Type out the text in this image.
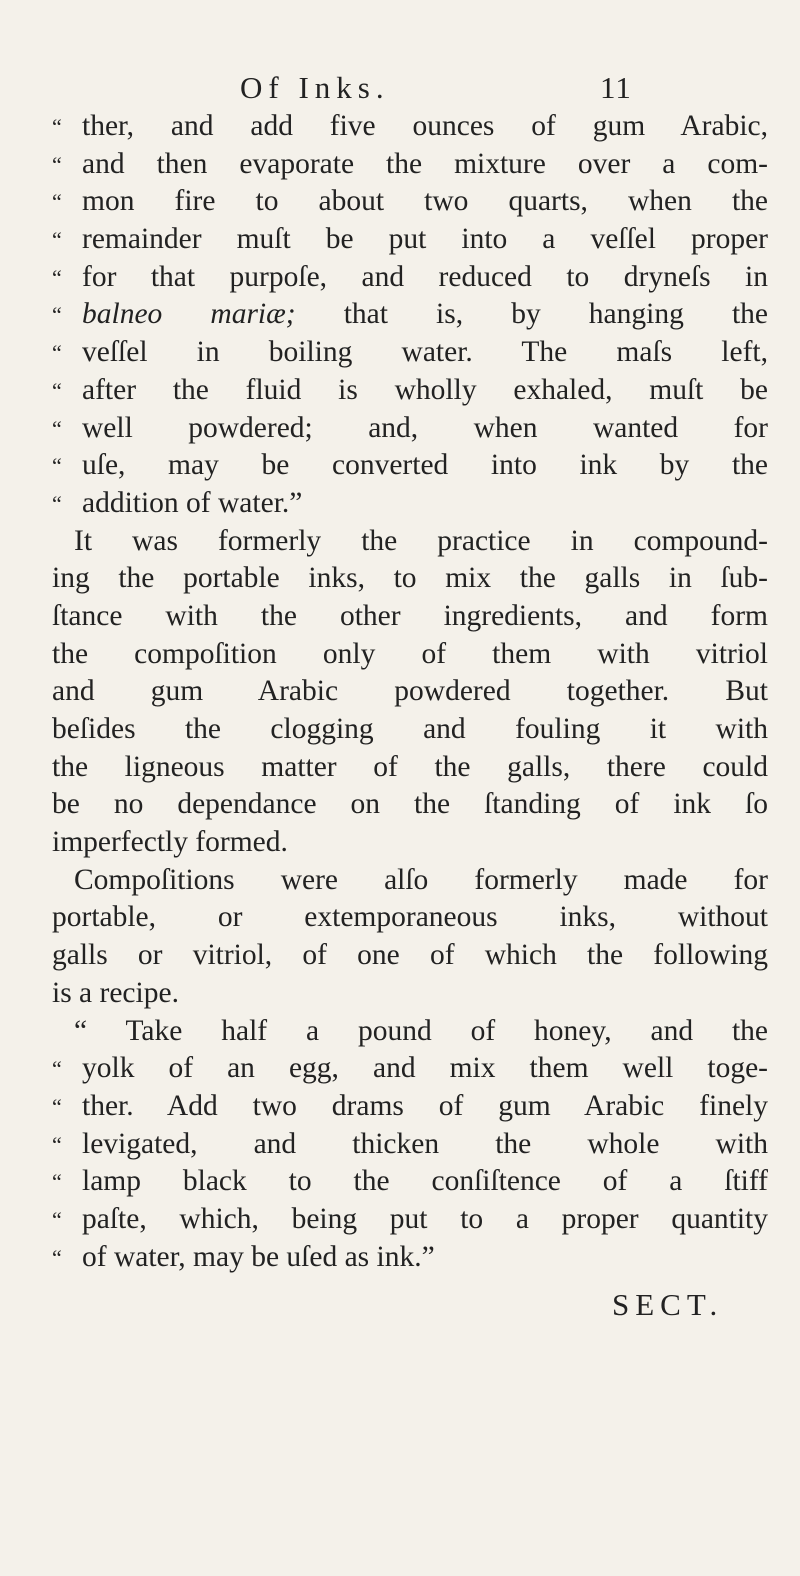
Of Inks.	11
“ ther, and add five ounces of gum Arabic,
“ and then evaporate the mixture over a com-
“ mon fire to about two quarts, when the
“ remainder muſt be put into a veſſel proper
“ for that purpoſe, and reduced to dryneſs in
“ balneo mariæ; that is, by hanging the
“ veſſel in boiling water. The maſs left,
“ after the fluid is wholly exhaled, muſt be
“ well powdered; and, when wanted for
“ uſe, may be converted into ink by the
“ addition of water.”
It was formerly the practice in compound-
ing the portable inks, to mix the galls in ſub-
ſtance with the other ingredients, and form
the compoſition only of them with vitriol
and gum Arabic powdered together. But
beſides the clogging and fouling it with
the ligneous matter of the galls, there could
be no dependance on the ſtanding of ink ſo
imperfectly formed.
Compoſitions were alſo formerly made for
portable, or extemporaneous inks, without
galls or vitriol, of one of which the following
is a recipe.
“ Take half a pound of honey, and the
“ yolk of an egg, and mix them well toge-
“ ther. Add two drams of gum Arabic finely
“ levigated, and thicken the whole with
“ lamp black to the conſiſtence of a ſtiff
“ paſte, which, being put to a proper quantity
“ of water, may be uſed as ink.”
SECT.
